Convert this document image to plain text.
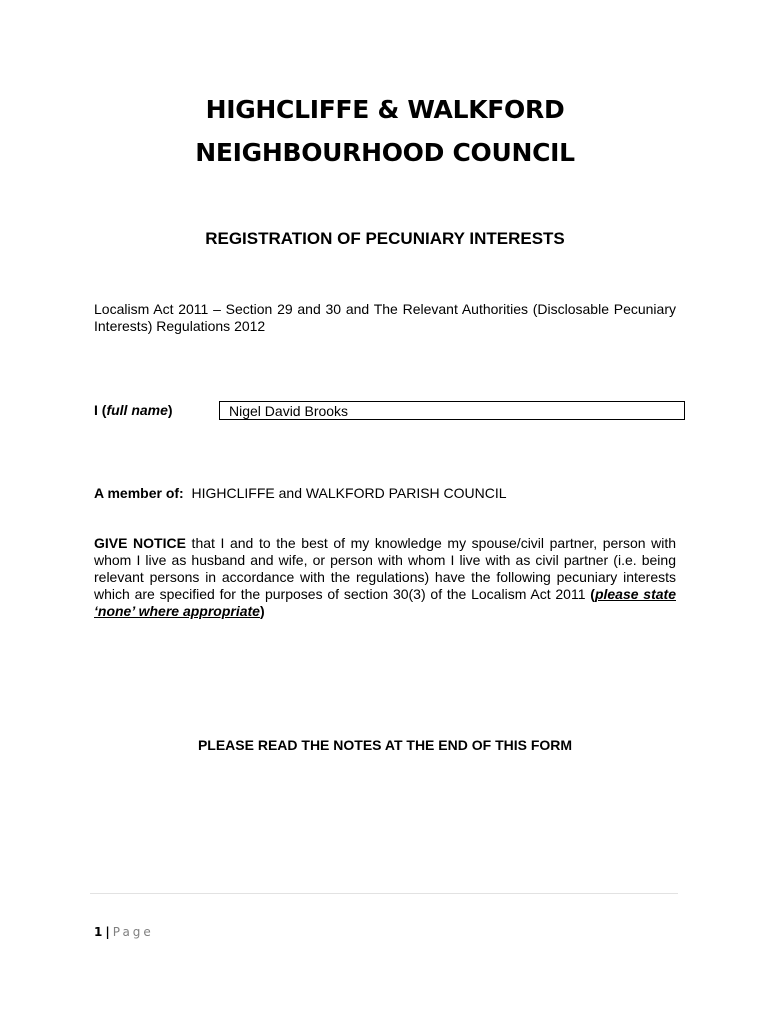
HIGHCLIFFE & WALKFORD
NEIGHBOURHOOD COUNCIL
REGISTRATION OF PECUNIARY INTERESTS
Localism Act 2011 – Section 29 and 30 and The Relevant Authorities (Disclosable Pecuniary Interests) Regulations 2012
I (full name)	Nigel David Brooks
A member of: HIGHCLIFFE and WALKFORD PARISH COUNCIL
GIVE NOTICE that I and to the best of my knowledge my spouse/civil partner, person with whom I live as husband and wife, or person with whom I live with as civil partner (i.e. being relevant persons in accordance with the regulations) have the following pecuniary interests which are specified for the purposes of section 30(3) of the Localism Act 2011 (please state ‘none’ where appropriate)
PLEASE READ THE NOTES AT THE END OF THIS FORM
1 | Page
